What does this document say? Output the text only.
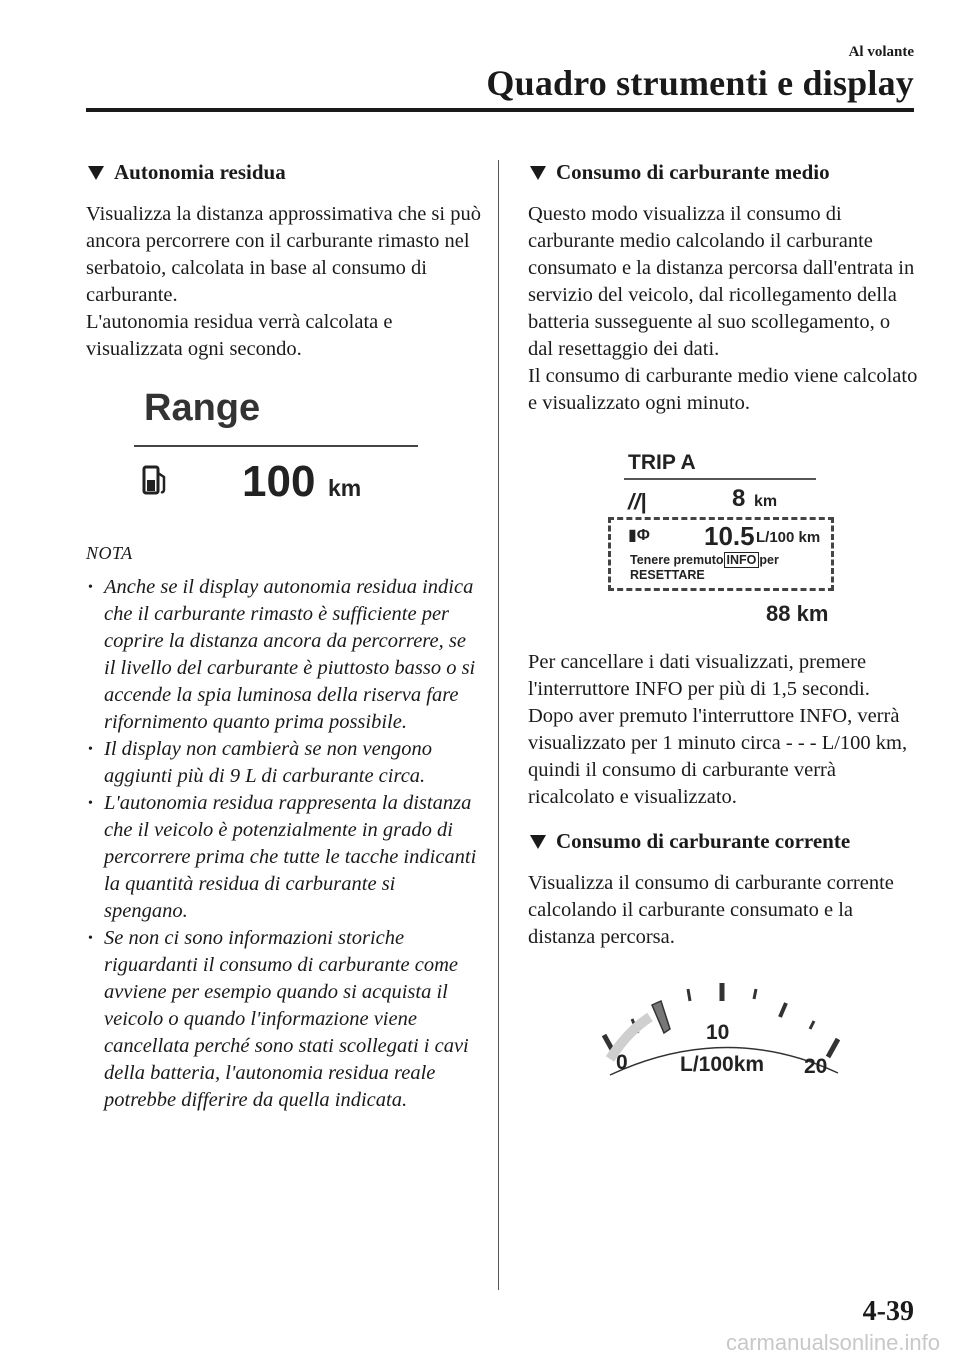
Al volante
Quadro strumenti e display
Autonomia residua

Visualizza la distanza approssimativa che si può ancora percorrere con il carburante rimasto nel serbatoio, calcolata in base al consumo di carburante.

L'autonomia residua verrà calcolata e visualizzata ogni secondo.

Range
100 km
NOTA
• Anche se il display autonomia residua indica che il carburante rimasto è sufficiente per coprire la distanza ancora da percorrere, se il livello del carburante è piuttosto basso o si accende la spia luminosa della riserva fare rifornimento quanto prima possibile.
• Il display non cambierà se non vengono aggiunti più di 9 L di carburante circa.
• L'autonomia residua rappresenta la distanza che il veicolo è potenzialmente in grado di percorrere prima che tutte le tacche indicanti la quantità residua di carburante si spengano.
• Se non ci sono informazioni storiche riguardanti il consumo di carburante come avviene per esempio quando si acquista il veicolo o quando l'informazione viene cancellata perché sono stati scollegati i cavi della batteria, l'autonomia residua reale potrebbe differire da quella indicata.
Consumo di carburante medio

Questo modo visualizza il consumo di carburante medio calcolando il carburante consumato e la distanza percorsa dall'entrata in servizio del veicolo, dal ricollegamento della batteria susseguente al suo scollegamento, o dal resettaggio dei dati.

Il consumo di carburante medio viene calcolato e visualizzato ogni minuto.

TRIP A
//|	8 km
▮Φ 10.5 L/100 km
Tenere premuto INFO per
RESETTARE
88 km

Per cancellare i dati visualizzati, premere l'interruttore INFO per più di 1,5 secondi. Dopo aver premuto l'interruttore INFO, verrà visualizzato per 1 minuto circa - - - L/100 km, quindi il consumo di carburante verrà ricalcolato e visualizzato.

Consumo di carburante corrente

Visualizza il consumo di carburante corrente calcolando il carburante consumato e la distanza percorsa.

0
10
L/100km 20
4-39
carmanualsonline.info
